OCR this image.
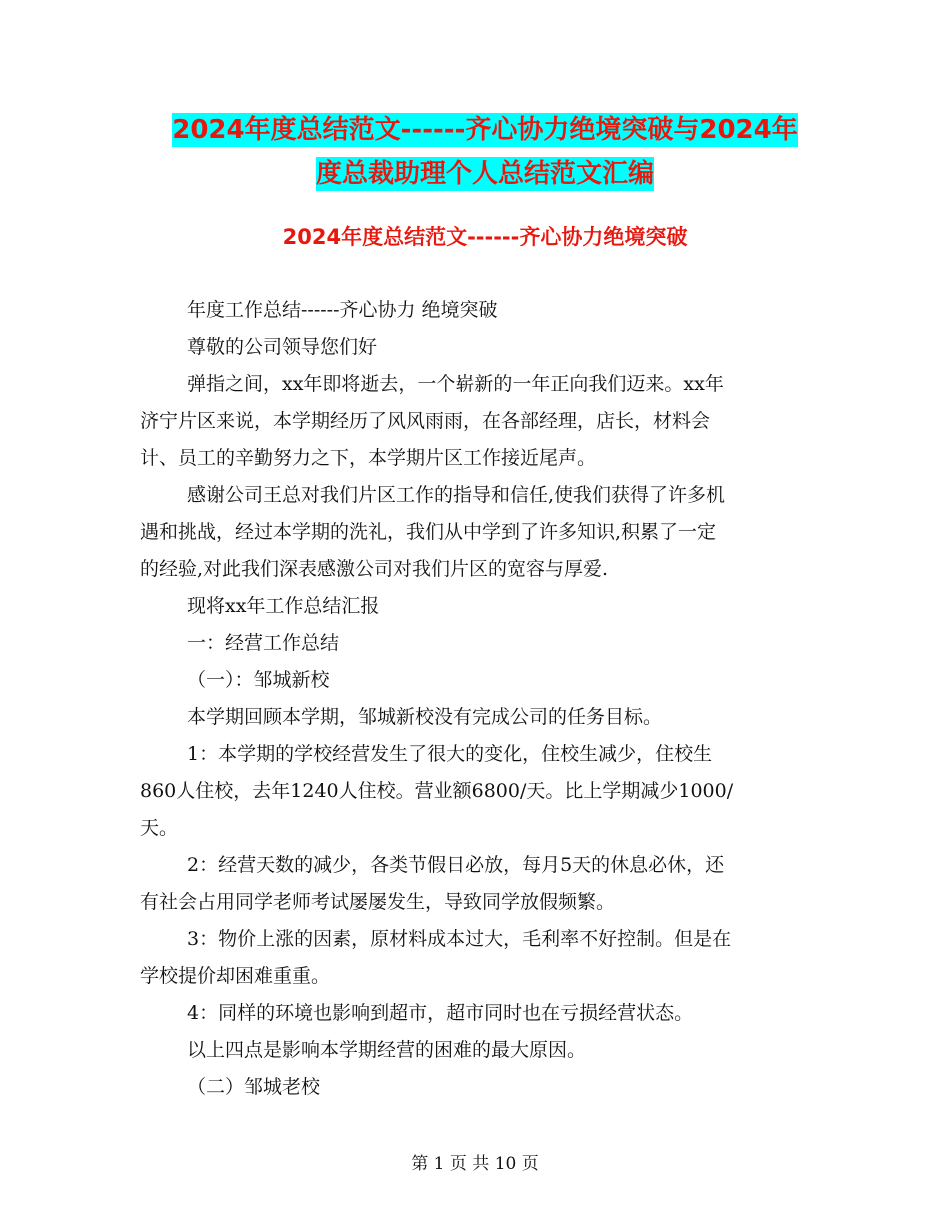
2024年度总结范文------齐心协力绝境突破与2024年
度总裁助理个人总结范文汇编
2024年度总结范文------齐心协力绝境突破
年度工作总结------齐心协力 绝境突破
尊敬的公司领导您们好
弹指之间，xx年即将逝去，一个崭新的一年正向我们迈来。xx年
济宁片区来说，本学期经历了风风雨雨，在各部经理，店长，材料会
计、员工的辛勤努力之下，本学期片区工作接近尾声。
感谢公司王总对我们片区工作的指导和信任,使我们获得了许多机
遇和挑战，经过本学期的洗礼，我们从中学到了许多知识,积累了一定
的经验,对此我们深表感激公司对我们片区的宽容与厚爱.
现将xx年工作总结汇报
一：经营工作总结
（一）：邹城新校
本学期回顾本学期，邹城新校没有完成公司的任务目标。
1：本学期的学校经营发生了很大的变化，住校生减少，住校生
860人住校，去年1240人住校。营业额6800/天。比上学期减少1000/
天。
2：经营天数的减少，各类节假日必放，每月5天的休息必休，还
有社会占用同学老师考试屡屡发生，导致同学放假频繁。
3：物价上涨的因素，原材料成本过大，毛利率不好控制。但是在
学校提价却困难重重。
4：同样的环境也影响到超市，超市同时也在亏损经营状态。
以上四点是影响本学期经营的困难的最大原因。
（二）邹城老校
第 1 页 共 10 页
